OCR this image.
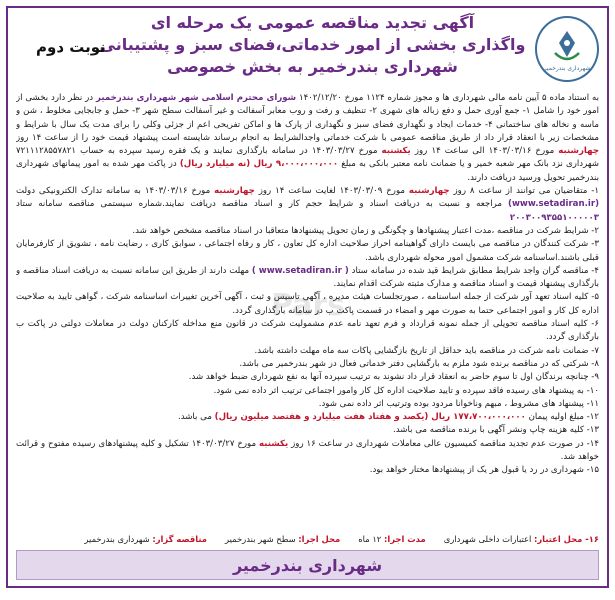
شهرداری بندرخمیر
آگهی تجدید مناقصه عمومی یک مرحله ای
واگذاری بخشی از امور خدماتی،فضای سبز و پشتیبانی
شهرداری بندرخمیر به بخش خصوصی
نوبت دوم
Pars

به استناد ماده ۵ آیین نامه مالی شهرداری ها و مجوز شماره ۱۱۲۴ مورخ ۱۴۰۲/۱۲/۲۰ شورای محترم اسلامی شهر شهرداری بندرخمیر در نظر دارد بخشی از امور خود را شامل ۱- جمع آوری حمل و دفع زباله های شهری ۲- تنظیف و رفت و روب معابر آسفالت و غیر آسفالت سطح شهر ۳- حمل و جابجایی مخلوط ، شن و ماسه و نخاله های ساختمانی ۴- خدمات ایجاد و نگهداری فضای سبز و نگهداری از پارک ها و اماکن تفریحی اعم از جزئی وکلی را برای مدت یک سال با شرایط و مشخصات زیر با انعقاد قرار داد از طریق مناقصه عمومی با شرکت خدماتی واجدالشرایط به انجام برساند شایسته است پیشنهاد قیمت خود را از ساعت ۱۴ روز چهارشنبه مورخ ۱۴۰۳/۰۳/۱۶ الی ساعت ۱۴ روز یکشنبه مورخ ۱۴۰۳/۰۳/۲۷ در سامانه بارگذاری نمایند و یک فقره رسید سپرده به حساب ۷۲۱۱۱۲۸۵۵۷۸۲۱ شهرداری نزد بانک مهر شعبه خمیر و یا ضمانت نامه معتبر بانکی به مبلغ ۹،۰۰۰،۰۰۰،۰۰۰ ریال (نه میلیارد ریال) در پاکت مهر شده به امور پیمانهای شهرداری بندرخمیر تحویل ورسید دریافت دارند.

۱- متقاضیان می توانند از ساعت ۸ روز چهارشنبه مورخ ۱۴۰۳/۰۳/۰۹ لغایت ساعت ۱۴ روز چهارشنبه مورخ ۱۴۰۳/۰۳/۱۶ به سامانه تدارک الکترونیکی دولت (www.setadiran.ir) مراجعه و نسبت به دریافت اسناد و شرایط حجم کار و اسناد مناقصه دریافت نمایند.شماره سیستمی مناقصه سامانه ستاد ۲۰۰۳۰۰۹۳۵۵۱۰۰۰۰۰۳

۲- شرایط شرکت در مناقصه ،مدت اعتبار پیشنهادها و چگونگی و زمان تحویل پیشنهادها متعاقبا در اسناد مناقصه مشخص خواهد شد.

۳- شرکت کنندگان در مناقصه می بایست دارای گواهینامه احراز صلاحیت اداره کل تعاون ، کار و رفاه اجتماعی ، سوابق کاری ، رضایت نامه ، تشویق از کارفرمایان قبلی باشند.اساسنامه شرکت مشمول امور محوله شهرداری باشد.

۴- مناقصه گران واجد شرایط مطابق شرایط قید شده در سامانه ستاد ( www.setadiran.ir ) مهلت دارند از طریق این سامانه نسبت به دریافت اسناد مناقصه و بارگذاری پیشنهاد قیمت و اسناد مناقصه و مدارک مثبته شرکت اقدام نمایند.

۵- کلیه اسناد تعهد آور شرکت از جمله اساسنامه ، صورتجلسات هیئت مدیره ، آگهی تاسیس و ثبت ، آگهی آخرین تغییرات اساسنامه شرکت ، گواهی تایید به صلاحیت اداره کل کار و امور اجتماعی حتما به صورت مهر و امضاء در قسمت پاکت ب در سامانه بارگذاری گردد.

۶- کلیه اسناد مناقصه تحویلی از جمله نمونه قرارداد و فرم تعهد نامه عدم مشمولیت شرکت در قانون منع مداخله کارکنان دولت در معاملات دولتی در پاکت ب بارگذاری گردد.

۷- ضمانت نامه شرکت در مناقصه باید حداقل از تاریخ بازگشایی پاکات سه ماه مهلت داشته باشد.

۸- شرکتی که در مناقصه برنده شود ملزم به بارگشایی دفتر خدماتی فعال در شهر بندرخمیر می باشد.

۹- چنانچه برندگان اول تا سوم حاضر به انعقاد قرار داد نشوند به ترتیب سپرده آنها به نفع شهرداری ضبط خواهد شد.

۱۰- به پیشنهاد های رسیده فاقد سپرده و تایید صلاحیت اداره کل کار وامور اجتماعی ترتیب اثر داده نمی شود.

۱۱- پیشنهاد های مشروط ، مبهم وناخوانا مردود بوده وترتیب اثر داده نمی شود.

۱۲- مبلغ اولیه پیمان ۱۷۷،۷۰۰،۰۰۰،۰۰۰ ریال (یکصد و هفتاد هفت میلیارد و هفتصد میلیون ریال) می باشد.

۱۳- کلیه هزینه چاپ ونشر آگهی با برنده مناقصه می باشد.

۱۴- در صورت عدم تجدید مناقصه کمیسیون عالی معاملات شهرداری در ساعت ۱۶ روز یکشنبه مورخ ۱۴۰۳/۰۳/۲۷ تشکیل و کلیه پیشنهادهای رسیده مفتوح و قرائت خواهد شد.

۱۵- شهرداری در رد یا قبول هر یک از پیشنهادها مختار خواهد بود.

۱۶- محل اعتبار: اعتبارات داخلی شهرداری
مدت اجرا: ۱۲ ماه
محل اجرا: سطح شهر بندرخمیر
مناقصه گزار: شهرداری بندرخمیر
شهرداری بندرخمیر
